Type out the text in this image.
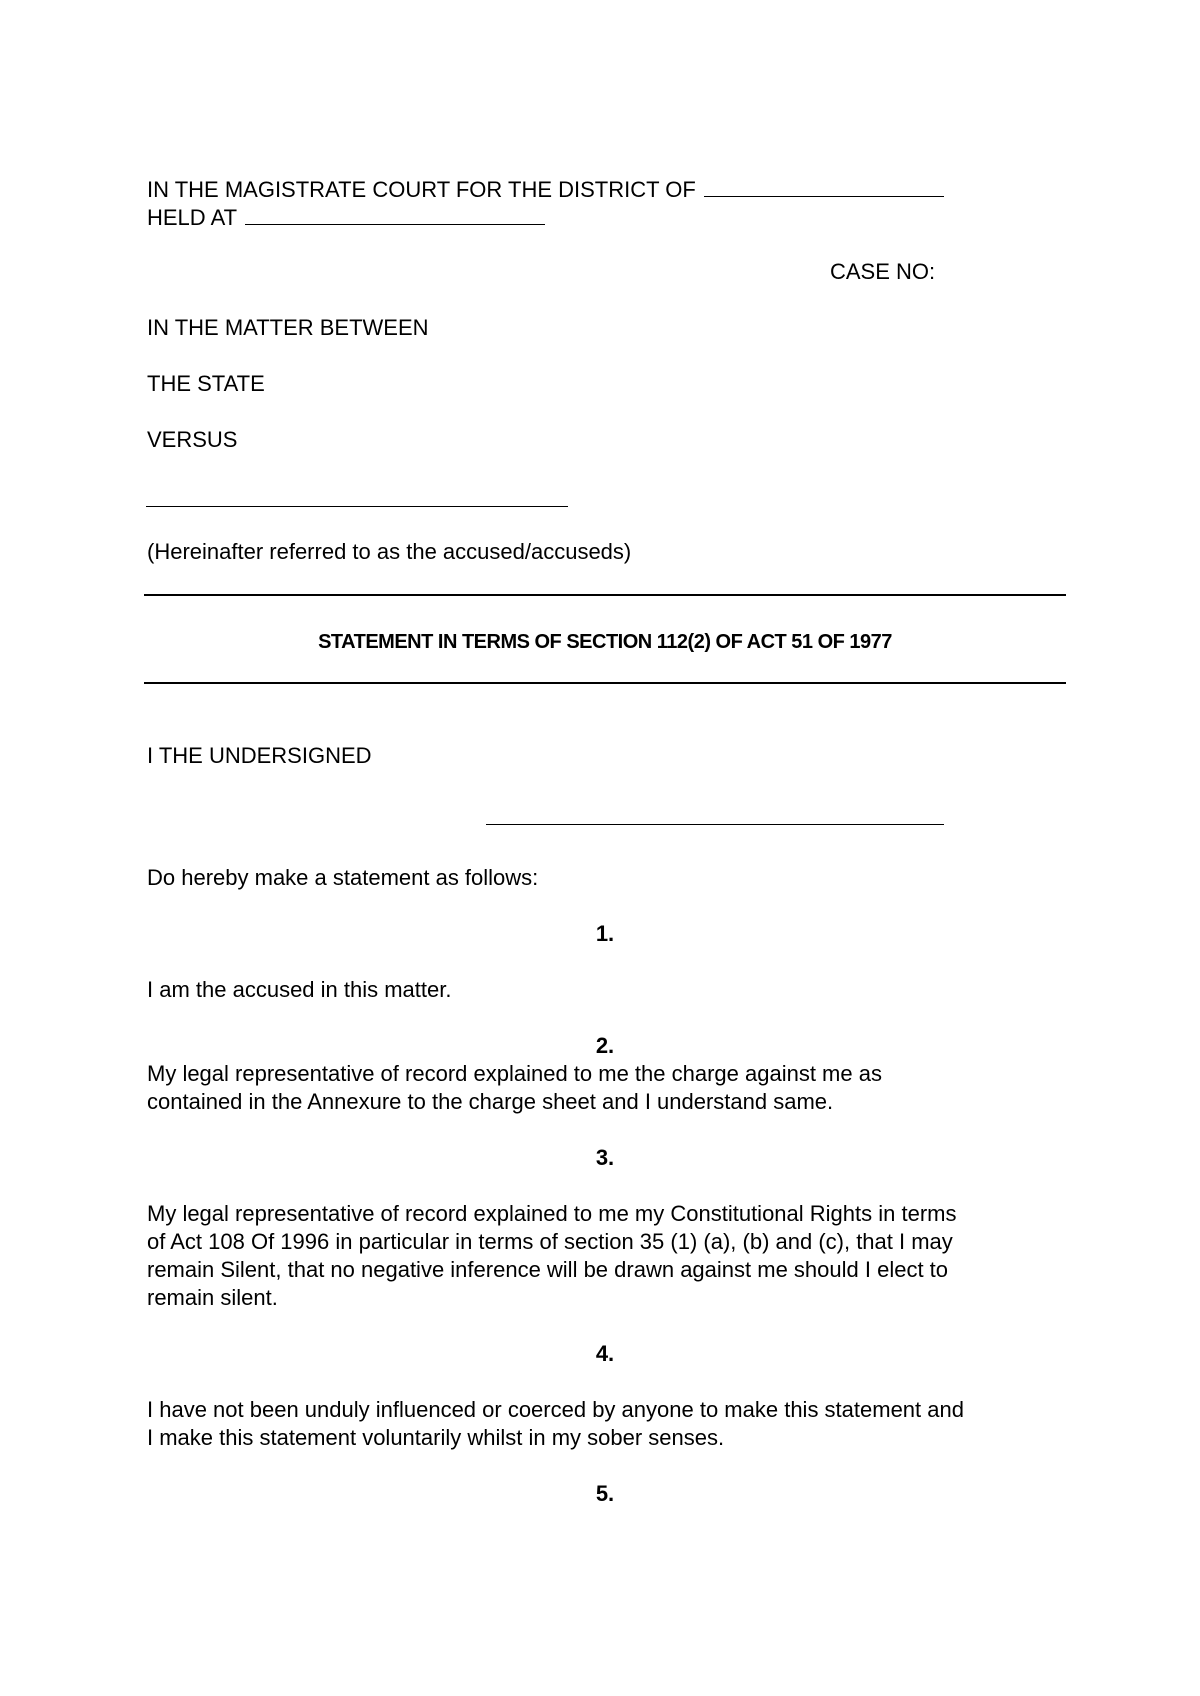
IN THE MAGISTRATE COURT FOR THE DISTRICT OF
HELD AT
CASE NO:
IN THE MATTER BETWEEN
THE STATE
VERSUS
(Hereinafter referred to as the accused/accuseds)
STATEMENT IN TERMS OF SECTION 112(2) OF ACT 51 OF 1977
I THE UNDERSIGNED
Do hereby make a statement as follows:
1.
I am the accused in this matter.
2.
My legal representative of record explained to me the charge against me as
contained in the Annexure to the charge sheet and I understand same.
3.
My legal representative of record explained to me my Constitutional Rights in terms
of Act 108 Of 1996 in particular in terms of section 35 (1) (a), (b) and (c), that I may
remain Silent, that no negative inference will be drawn against me should I elect to
remain silent.
4.
I have not been unduly influenced or coerced by anyone to make this statement and
I make this statement voluntarily whilst in my sober senses.
5.
